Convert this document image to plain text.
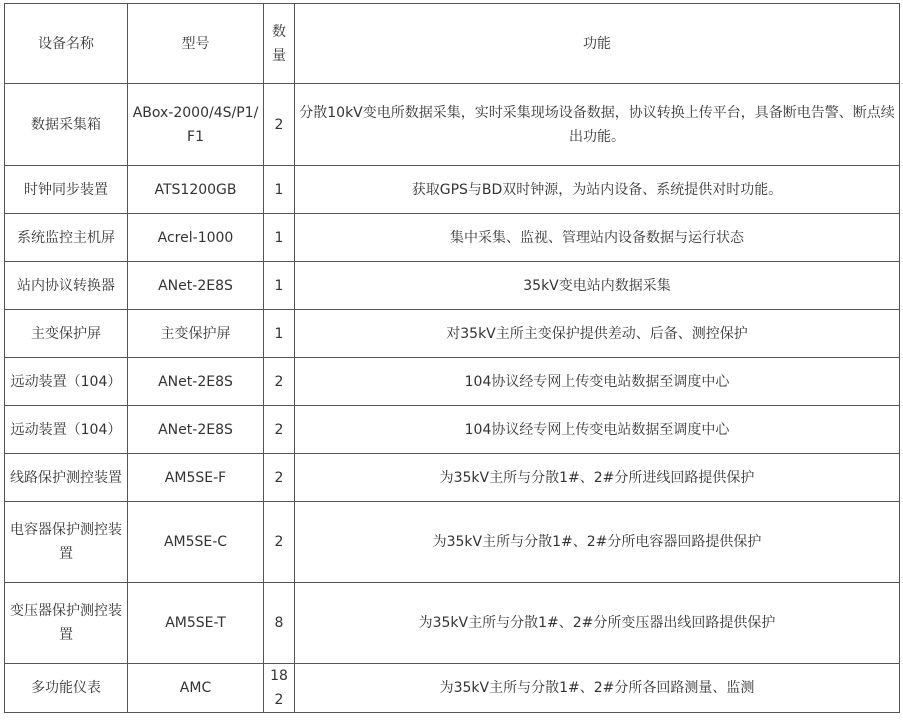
设备名称	型号	数量	功能
数据采集箱	ABox-2000/4S/P1/F1	2	分散10kV变电所数据采集，实时采集现场设备数据，协议转换上传平台，具备断电告警、断点续出功能。
时钟同步装置	ATS1200GB	1	获取GPS与BD双时钟源，为站内设备、系统提供对时功能。
系统监控主机屏	Acrel-1000	1	集中采集、监视、管理站内设备数据与运行状态
站内协议转换器	ANet-2E8S	1	35kV变电站内数据采集
主变保护屏	主变保护屏	1	对35kV主所主变保护提供差动、后备、测控保护
远动装置（104）	ANet-2E8S	2	104协议经专网上传变电站数据至调度中心
远动装置（104）	ANet-2E8S	2	104协议经专网上传变电站数据至调度中心
线路保护测控装置	AM5SE-F	2	为35kV主所与分散1#、2#分所进线回路提供保护
电容器保护测控装置	AM5SE-C	2	为35kV主所与分散1#、2#分所电容器回路提供保护
变压器保护测控装置	AM5SE-T	8	为35kV主所与分散1#、2#分所变压器出线回路提供保护
多功能仪表	AMC	182	为35kV主所与分散1#、2#分所各回路测量、监测
